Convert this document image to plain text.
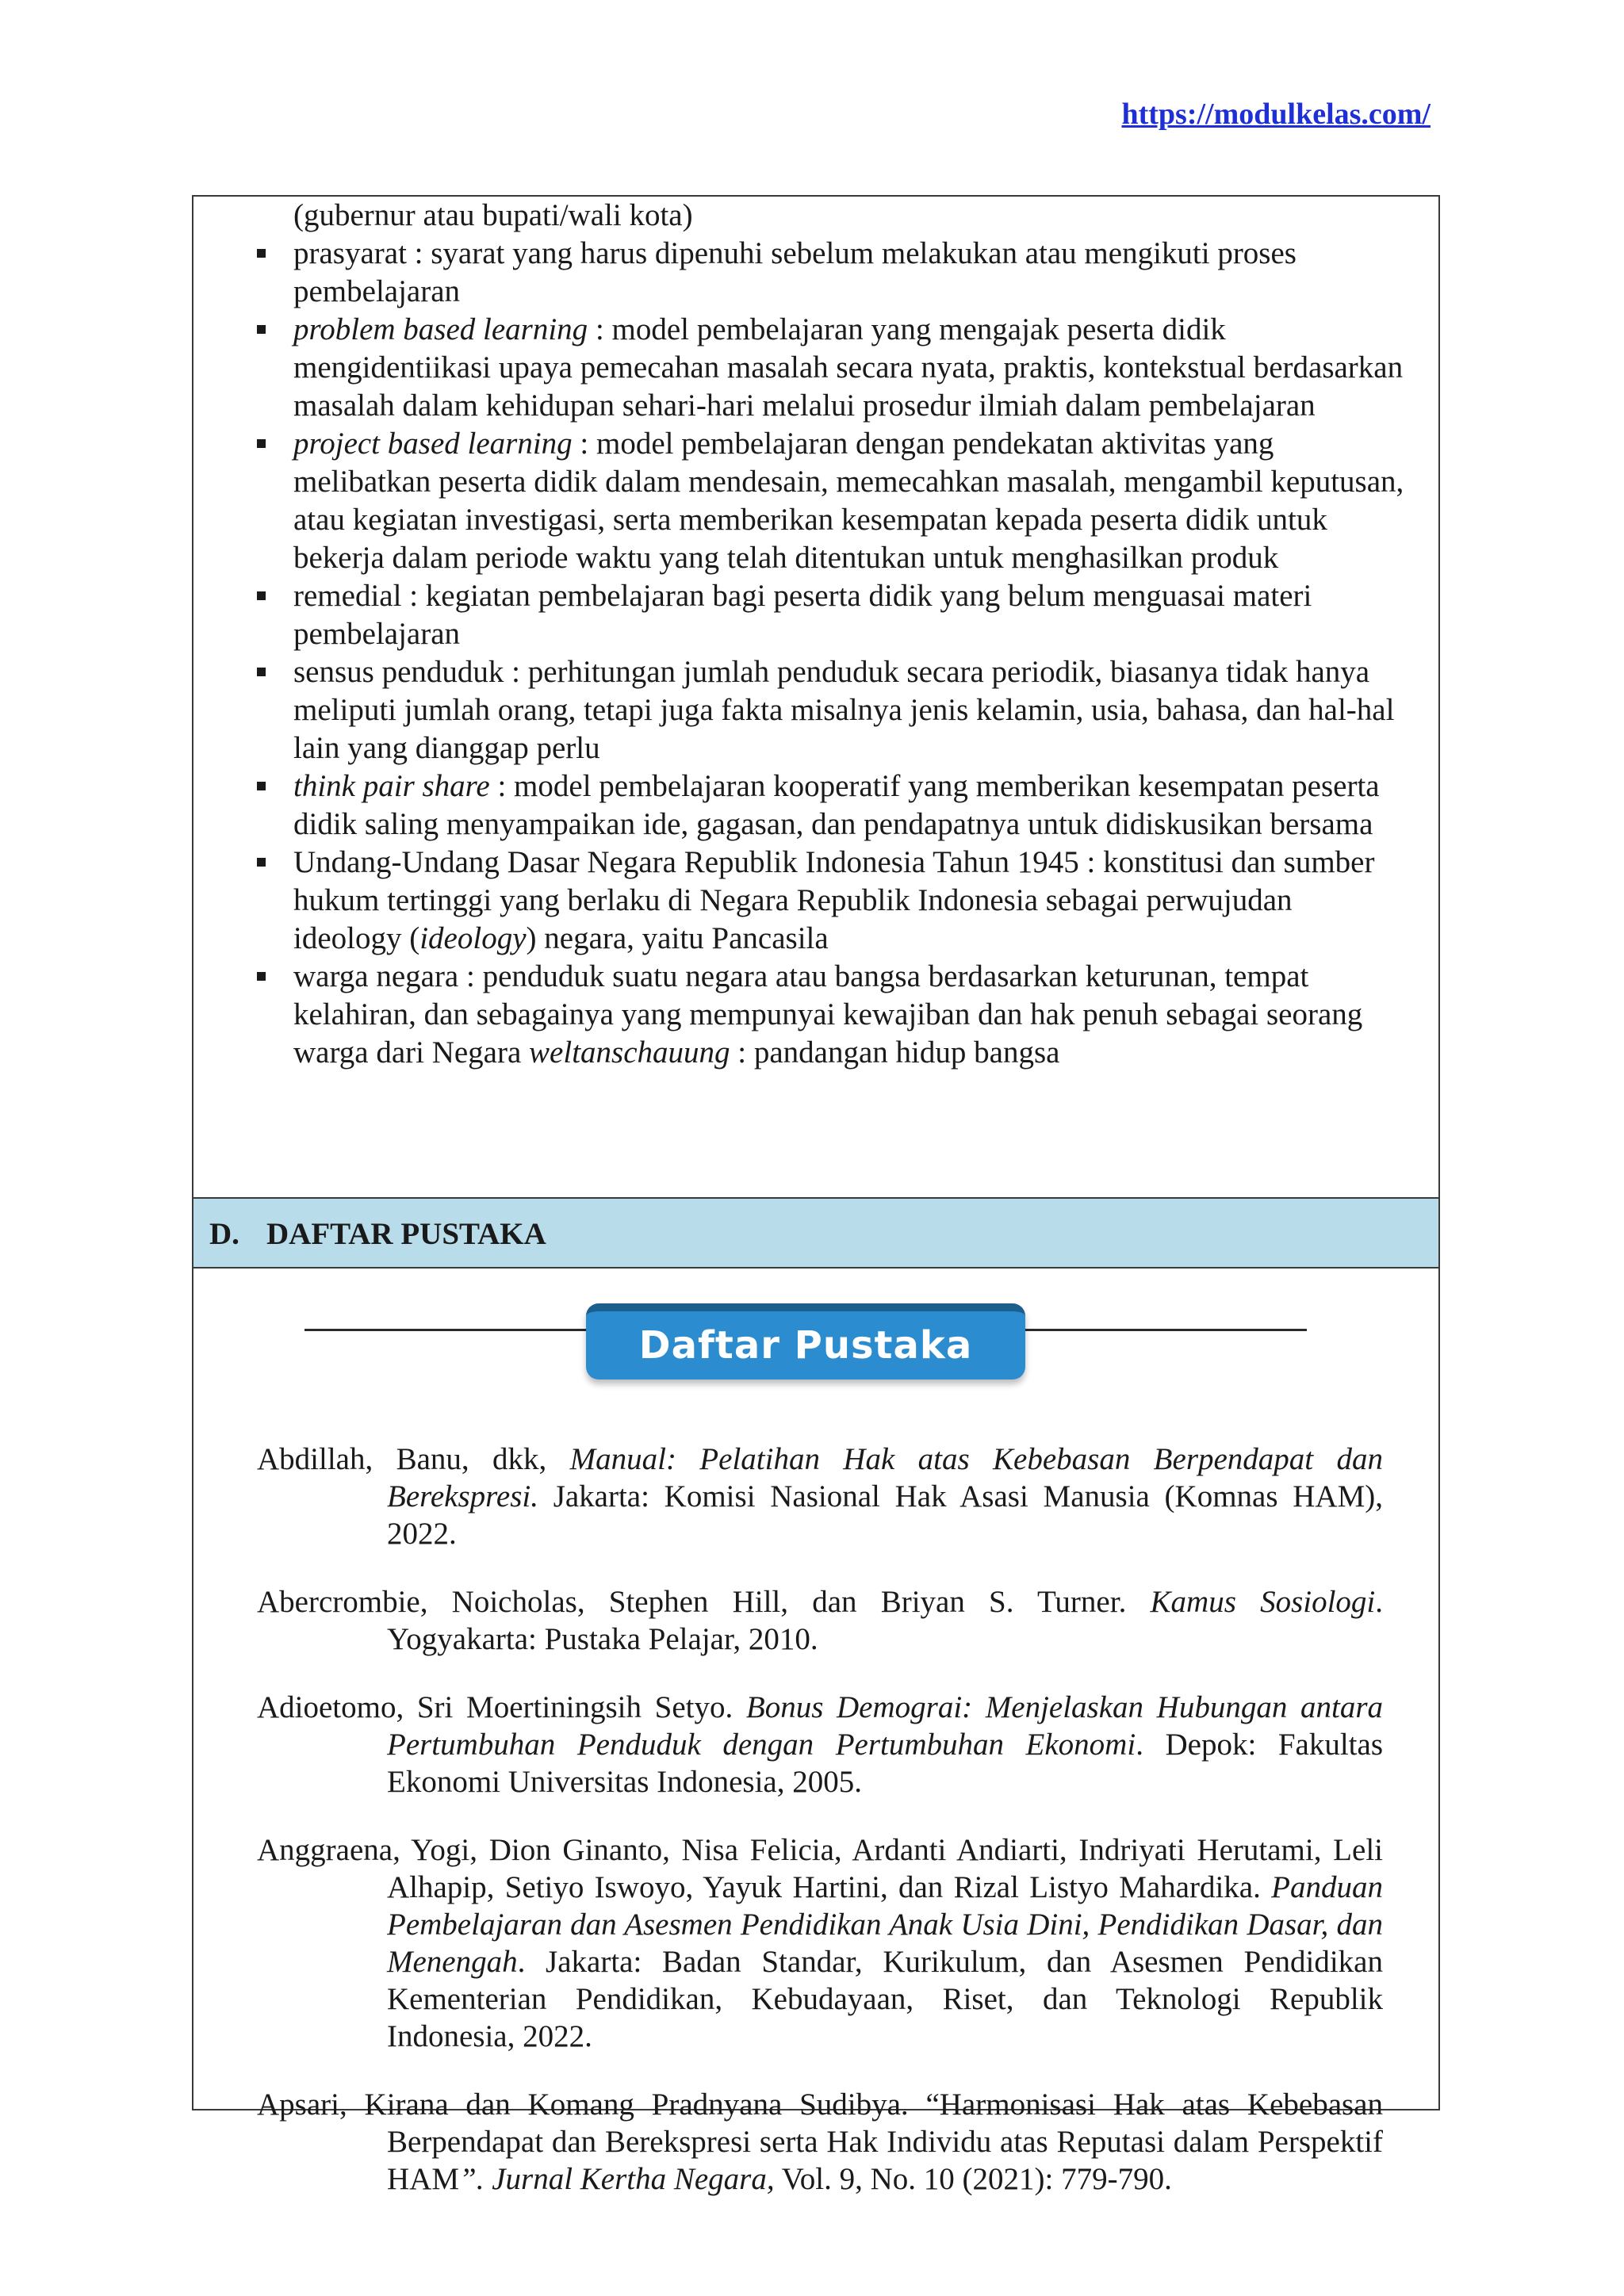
https://modulkelas.com/
(gubernur atau bupati/wali kota)
prasyarat : syarat yang harus dipenuhi sebelum melakukan atau mengikuti proses pembelajaran
problem based learning : model pembelajaran yang mengajak peserta didik mengidentiikasi upaya pemecahan masalah secara nyata, praktis, kontekstual berdasarkan masalah dalam kehidupan sehari-hari melalui prosedur ilmiah dalam pembelajaran
project based learning : model pembelajaran dengan pendekatan aktivitas yang melibatkan peserta didik dalam mendesain, memecahkan masalah, mengambil keputusan, atau kegiatan investigasi, serta memberikan kesempatan kepada peserta didik untuk bekerja dalam periode waktu yang telah ditentukan untuk menghasilkan produk
remedial : kegiatan pembelajaran bagi peserta didik yang belum menguasai materi pembelajaran
sensus penduduk : perhitungan jumlah penduduk secara periodik, biasanya tidak hanya meliputi jumlah orang, tetapi juga fakta misalnya jenis kelamin, usia, bahasa, dan hal-hal lain yang dianggap perlu
think pair share : model pembelajaran kooperatif yang memberikan kesempatan peserta didik saling menyampaikan ide, gagasan, dan pendapatnya untuk didiskusikan bersama
Undang-Undang Dasar Negara Republik Indonesia Tahun 1945 : konstitusi dan sumber hukum tertinggi yang berlaku di Negara Republik Indonesia sebagai perwujudan ideology (ideology) negara, yaitu Pancasila
warga negara : penduduk suatu negara atau bangsa berdasarkan keturunan, tempat kelahiran, dan sebagainya yang mempunyai kewajiban dan hak penuh sebagai seorang warga dari Negara weltanschauung : pandangan hidup bangsa
D. DAFTAR PUSTAKA
Daftar Pustaka

Abdillah, Banu, dkk, Manual: Pelatihan Hak atas Kebebasan Berpendapat dan Berekspresi. Jakarta: Komisi Nasional Hak Asasi Manusia (Komnas HAM), 2022.

Abercrombie, Noicholas, Stephen Hill, dan Briyan S. Turner. Kamus Sosiologi. Yogyakarta: Pustaka Pelajar, 2010.

Adioetomo, Sri Moertiningsih Setyo. Bonus Demograi: Menjelaskan Hubungan antara Pertumbuhan Penduduk dengan Pertumbuhan Ekonomi. Depok: Fakultas Ekonomi Universitas Indonesia, 2005.

Anggraena, Yogi, Dion Ginanto, Nisa Felicia, Ardanti Andiarti, Indriyati Herutami, Leli Alhapip, Setiyo Iswoyo, Yayuk Hartini, dan Rizal Listyo Mahardika. Panduan Pembelajaran dan Asesmen Pendidikan Anak Usia Dini, Pendidikan Dasar, dan Menengah. Jakarta: Badan Standar, Kurikulum, dan Asesmen Pendidikan Kementerian Pendidikan, Kebudayaan, Riset, dan Teknologi Republik Indonesia, 2022.

Apsari, Kirana dan Komang Pradnyana Sudibya. “Harmonisasi Hak atas Kebebasan Berpendapat dan Berekspresi serta Hak Individu atas Reputasi dalam Perspektif HAM”. Jurnal Kertha Negara, Vol. 9, No. 10 (2021): 779-790.
